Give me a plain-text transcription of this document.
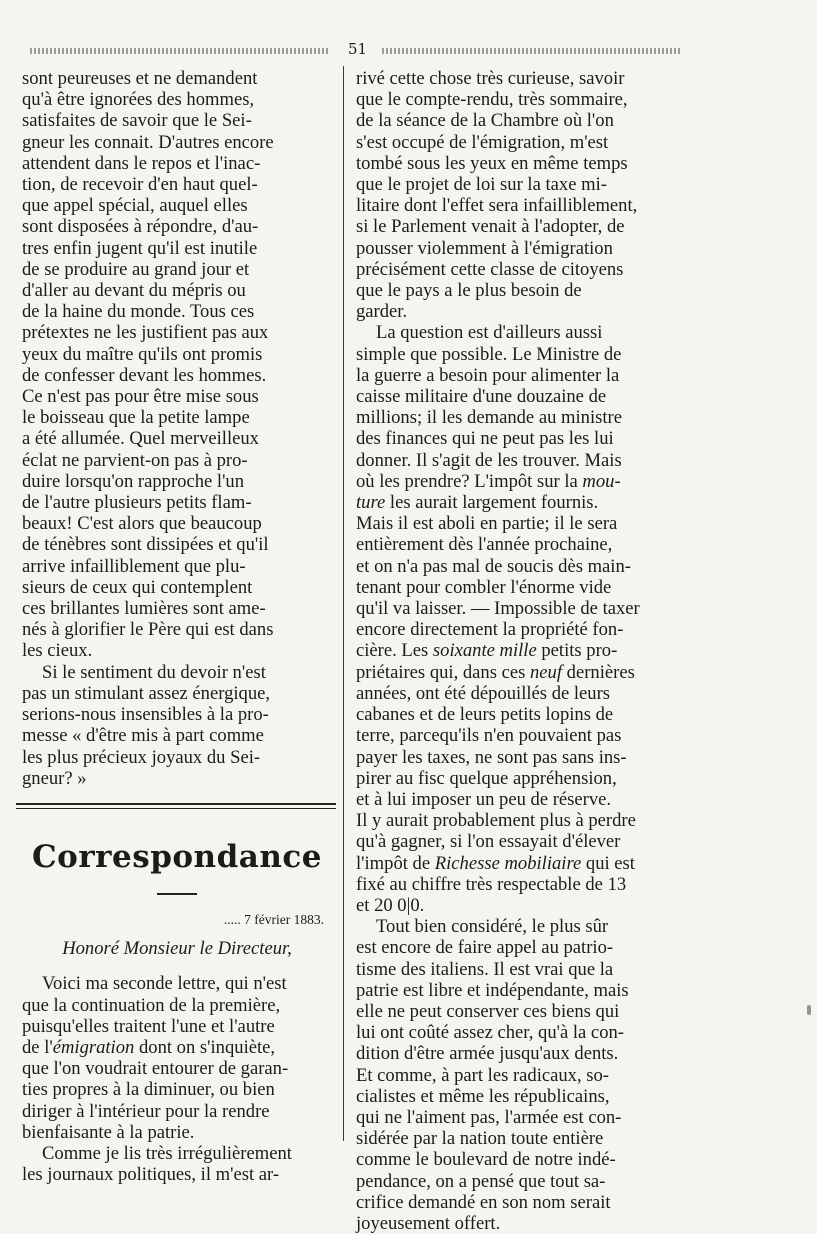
51

sont peureuses et ne demandent
qu'à être ignorées des hommes,
satisfaites de savoir que le Sei-
gneur les connait. D'autres encore
attendent dans le repos et l'inac-
tion, de recevoir d'en haut quel-
que appel spécial, auquel elles
sont disposées à répondre, d'au-
tres enfin jugent qu'il est inutile
de se produire au grand jour et
d'aller au devant du mépris ou
de la haine du monde. Tous ces
prétextes ne les justifient pas aux
yeux du maître qu'ils ont promis
de confesser devant les hommes.
Ce n'est pas pour être mise sous
le boisseau que la petite lampe
a été allumée. Quel merveilleux
éclat ne parvient-on pas à pro-
duire lorsqu'on rapproche l'un
de l'autre plusieurs petits flam-
beaux! C'est alors que beaucoup
de ténèbres sont dissipées et qu'il
arrive infailliblement que plu-
sieurs de ceux qui contemplent
ces brillantes lumières sont ame-
nés à glorifier le Père qui est dans
les cieux.

Si le sentiment du devoir n'est
pas un stimulant assez énergique,
serions-nous insensibles à la pro-
messe « d'être mis à part comme
les plus précieux joyaux du Sei-
gneur? »

Correspondance
..... 7 février 1883.
Honoré Monsieur le Directeur,

Voici ma seconde lettre, qui n'est
que la continuation de la première,
puisqu'elles traitent l'une et l'autre
de l'émigration dont on s'inquiète,
que l'on voudrait entourer de garan-
ties propres à la diminuer, ou bien
diriger à l'intérieur pour la rendre
bienfaisante à la patrie.

Comme je lis très irrégulièrement
les journaux politiques, il m'est ar-

rivé cette chose très curieuse, savoir
que le compte-rendu, très sommaire,
de la séance de la Chambre où l'on
s'est occupé de l'émigration, m'est
tombé sous les yeux en même temps
que le projet de loi sur la taxe mi-
litaire dont l'effet sera infailliblement,
si le Parlement venait à l'adopter, de
pousser violemment à l'émigration
précisément cette classe de citoyens
que le pays a le plus besoin de
garder.
La question est d'ailleurs aussi
simple que possible. Le Ministre de
la guerre a besoin pour alimenter la
caisse militaire d'une douzaine de
millions; il les demande au ministre
des finances qui ne peut pas les lui
donner. Il s'agit de les trouver. Mais
où les prendre? L'impôt sur la mou-
ture les aurait largement fournis.
Mais il est aboli en partie; il le sera
entièrement dès l'année prochaine,
et on n'a pas mal de soucis dès main-
tenant pour combler l'énorme vide
qu'il va laisser. — Impossible de taxer
encore directement la propriété fon-
cière. Les soixante mille petits pro-
priétaires qui, dans ces neuf dernières
années, ont été dépouillés de leurs
cabanes et de leurs petits lopins de
terre, parcequ'ils n'en pouvaient pas
payer les taxes, ne sont pas sans ins-
pirer au fisc quelque appréhension,
et à lui imposer un peu de réserve.
Il y aurait probablement plus à perdre
qu'à gagner, si l'on essayait d'élever
l'impôt de Richesse mobiliaire qui est
fixé au chiffre très respectable de 13
et 20 0|0.
Tout bien considéré, le plus sûr
est encore de faire appel au patrio-
tisme des italiens. Il est vrai que la
patrie est libre et indépendante, mais
elle ne peut conserver ces biens qui
lui ont coûté assez cher, qu'à la con-
dition d'être armée jusqu'aux dents.
Et comme, à part les radicaux, so-
cialistes et même les républicains,
qui ne l'aiment pas, l'armée est con-
sidérée par la nation toute entière
comme le boulevard de notre indé-
pendance, on a pensé que tout sa-
crifice demandé en son nom serait
joyeusement offert.
